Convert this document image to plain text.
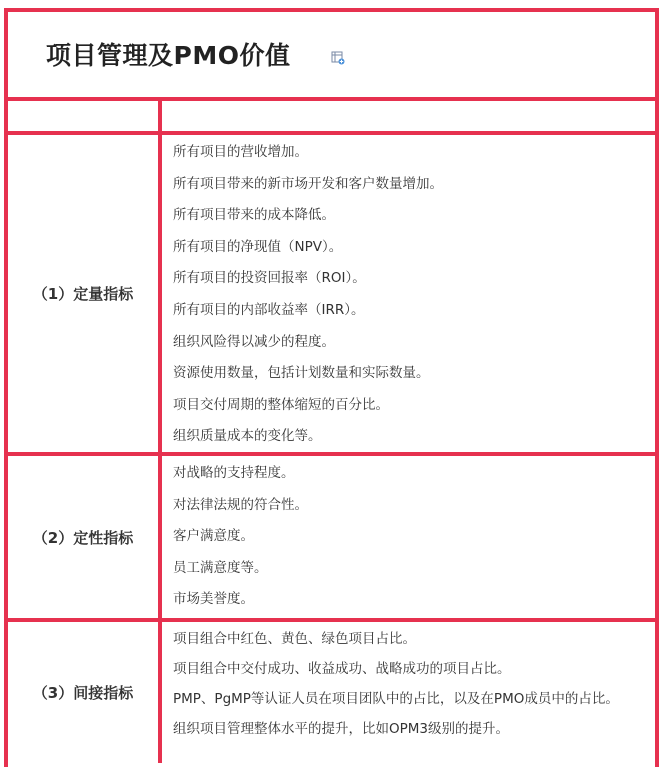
项目管理及PMO价值
（1）定量指标
所有项目的营收增加。
所有项目带来的新市场开发和客户数量增加。
所有项目带来的成本降低。
所有项目的净现值（NPV）。
所有项目的投资回报率（ROI）。
所有项目的内部收益率（IRR）。
组织风险得以减少的程度。
资源使用数量，包括计划数量和实际数量。
项目交付周期的整体缩短的百分比。
组织质量成本的变化等。
（2）定性指标
对战略的支持程度。
对法律法规的符合性。
客户满意度。
员工满意度等。
市场美誉度。
（3）间接指标
项目组合中红色、黄色、绿色项目占比。
项目组合中交付成功、收益成功、战略成功的项目占比。
PMP、PgMP等认证人员在项目团队中的占比，以及在PMO成员中的占比。
组织项目管理整体水平的提升，比如OPM3级别的提升。
